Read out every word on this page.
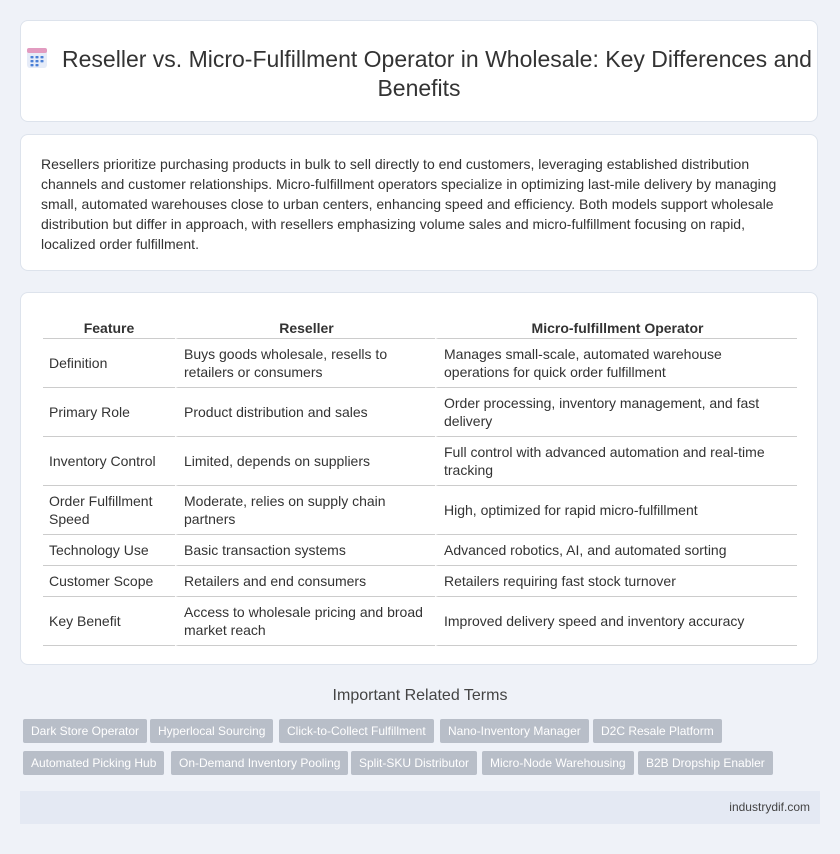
Reseller vs. Micro-Fulfillment Operator in Wholesale: Key Differences and Benefits
Resellers prioritize purchasing products in bulk to sell directly to end customers, leveraging established distribution channels and customer relationships. Micro-fulfillment operators specialize in optimizing last-mile delivery by managing small, automated warehouses close to urban centers, enhancing speed and efficiency. Both models support wholesale distribution but differ in approach, with resellers emphasizing volume sales and micro-fulfillment focusing on rapid, localized order fulfillment.
Feature	Reseller	Micro-fulfillment Operator
Definition	Buys goods wholesale, resells to retailers or consumers	Manages small-scale, automated warehouse operations for quick order fulfillment
Primary Role	Product distribution and sales	Order processing, inventory management, and fast delivery
Inventory Control	Limited, depends on suppliers	Full control with advanced automation and real-time tracking
Order Fulfillment Speed	Moderate, relies on supply chain partners	High, optimized for rapid micro-fulfillment
Technology Use	Basic transaction systems	Advanced robotics, AI, and automated sorting
Customer Scope	Retailers and end consumers	Retailers requiring fast stock turnover
Key Benefit	Access to wholesale pricing and broad market reach	Improved delivery speed and inventory accuracy
Important Related Terms
Dark Store Operator	Hyperlocal Sourcing	Click-to-Collect Fulfillment	Nano-Inventory Manager	D2C Resale Platform
Automated Picking Hub	On-Demand Inventory Pooling	Split-SKU Distributor	Micro-Node Warehousing	B2B Dropship Enabler
industrydif.com
